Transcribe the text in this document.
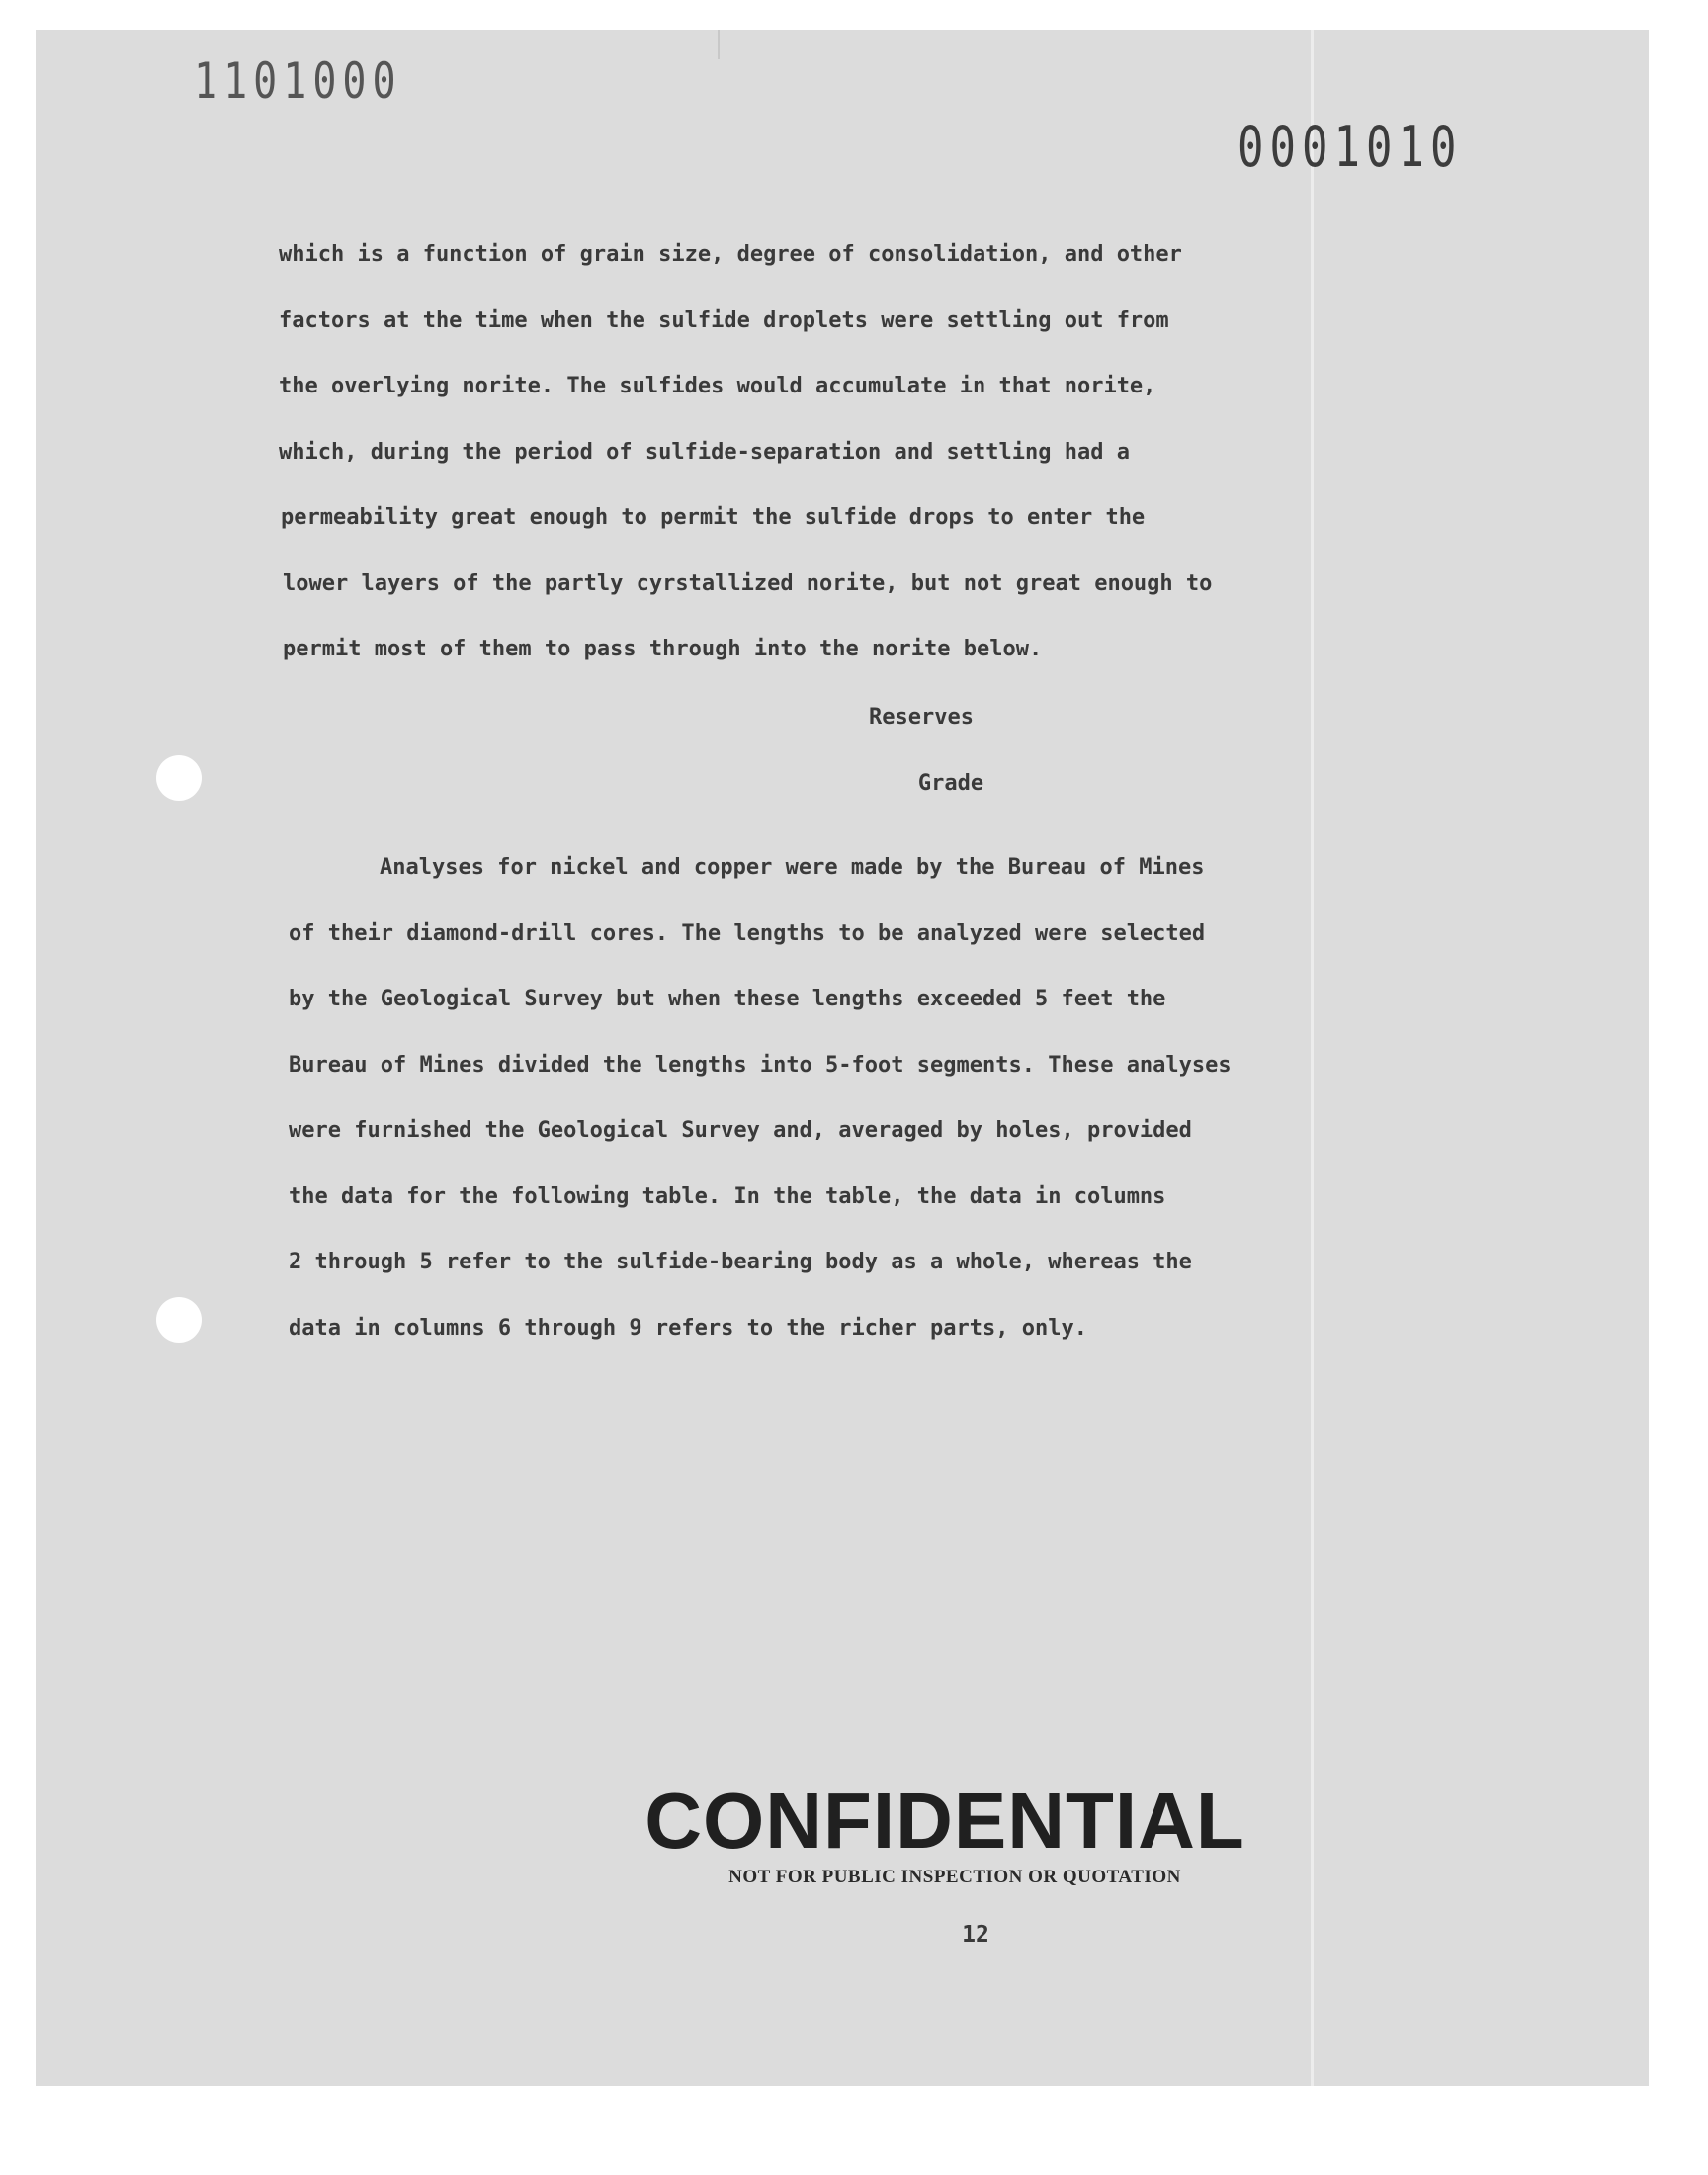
1101000
0001010
which is a function of grain size, degree of consolidation, and other
factors at the time when the sulfide droplets were settling out from
the overlying norite. The sulfides would accumulate in that norite,
which, during the period of sulfide-separation and settling had a
permeability great enough to permit the sulfide drops to enter the
lower layers of the partly cyrstallized norite, but not great enough to
permit most of them to pass through into the norite below.
Reserves
Grade
Analyses for nickel and copper were made by the Bureau of Mines
of their diamond-drill cores. The lengths to be analyzed were selected
by the Geological Survey but when these lengths exceeded 5 feet the
Bureau of Mines divided the lengths into 5-foot segments. These analyses
were furnished the Geological Survey and, averaged by holes, provided
the data for the following table. In the table, the data in columns
2 through 5 refer to the sulfide-bearing body as a whole, whereas the
data in columns 6 through 9 refers to the richer parts, only.
CONFIDENTIAL
NOT FOR PUBLIC INSPECTION OR QUOTATION
12
